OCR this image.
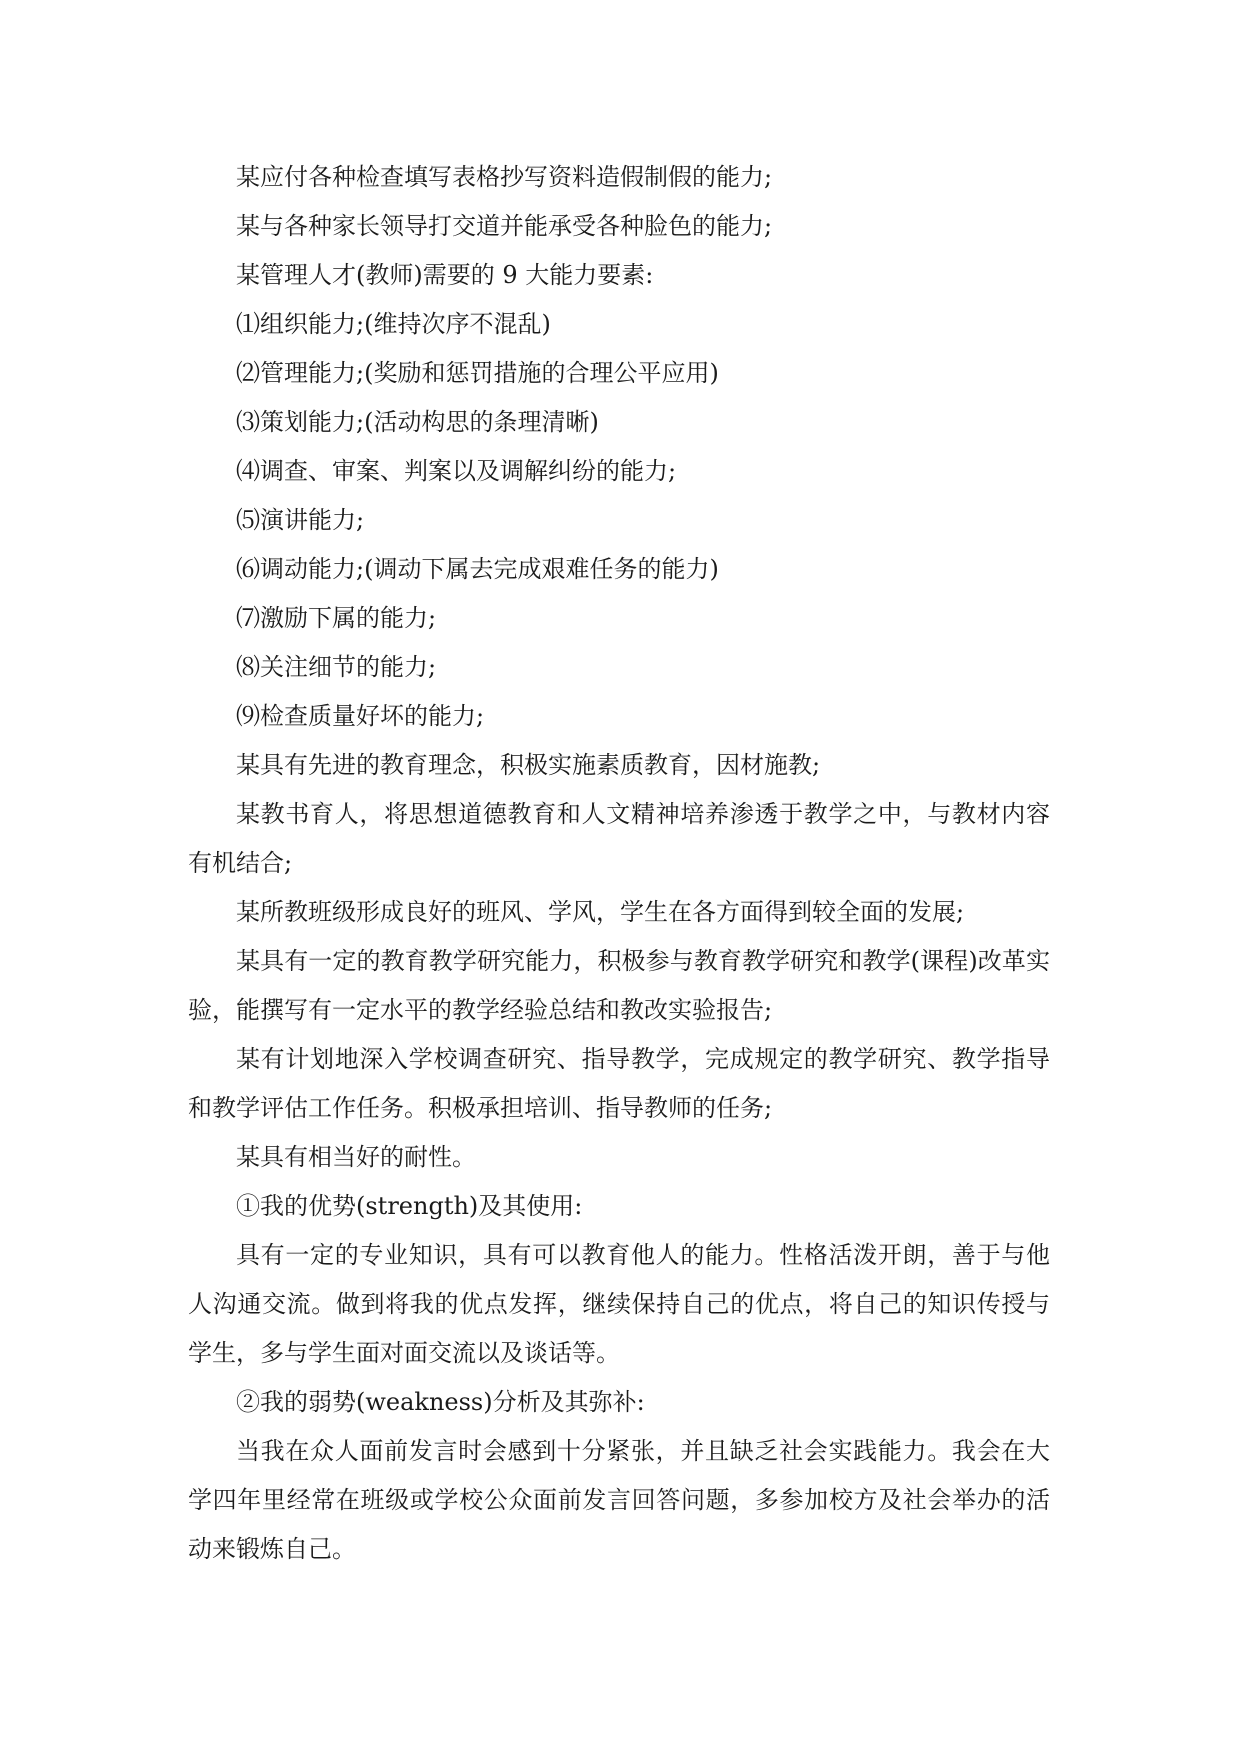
某应付各种检查填写表格抄写资料造假制假的能力;

某与各种家长领导打交道并能承受各种脸色的能力;

某管理人才(教师)需要的 9 大能力要素:

⑴组织能力;(维持次序不混乱)

⑵管理能力;(奖励和惩罚措施的合理公平应用)

⑶策划能力;(活动构思的条理清晰)

⑷调查、审案、判案以及调解纠纷的能力;

⑸演讲能力;

⑹调动能力;(调动下属去完成艰难任务的能力)

⑺激励下属的能力;

⑻关注细节的能力;

⑼检查质量好坏的能力;

某具有先进的教育理念，积极实施素质教育，因材施教;

某教书育人，将思想道德教育和人文精神培养渗透于教学之中，与教材内容有机结合;

某所教班级形成良好的班风、学风，学生在各方面得到较全面的发展;

某具有一定的教育教学研究能力，积极参与教育教学研究和教学(课程)改革实验，能撰写有一定水平的教学经验总结和教改实验报告;

某有计划地深入学校调查研究、指导教学，完成规定的教学研究、教学指导和教学评估工作任务。积极承担培训、指导教师的任务;

某具有相当好的耐性。

①我的优势(strength)及其使用:

具有一定的专业知识，具有可以教育他人的能力。性格活泼开朗，善于与他人沟通交流。做到将我的优点发挥，继续保持自己的优点，将自己的知识传授与学生，多与学生面对面交流以及谈话等。

②我的弱势(weakness)分析及其弥补:

当我在众人面前发言时会感到十分紧张，并且缺乏社会实践能力。我会在大学四年里经常在班级或学校公众面前发言回答问题，多参加校方及社会举办的活动来锻炼自己。
